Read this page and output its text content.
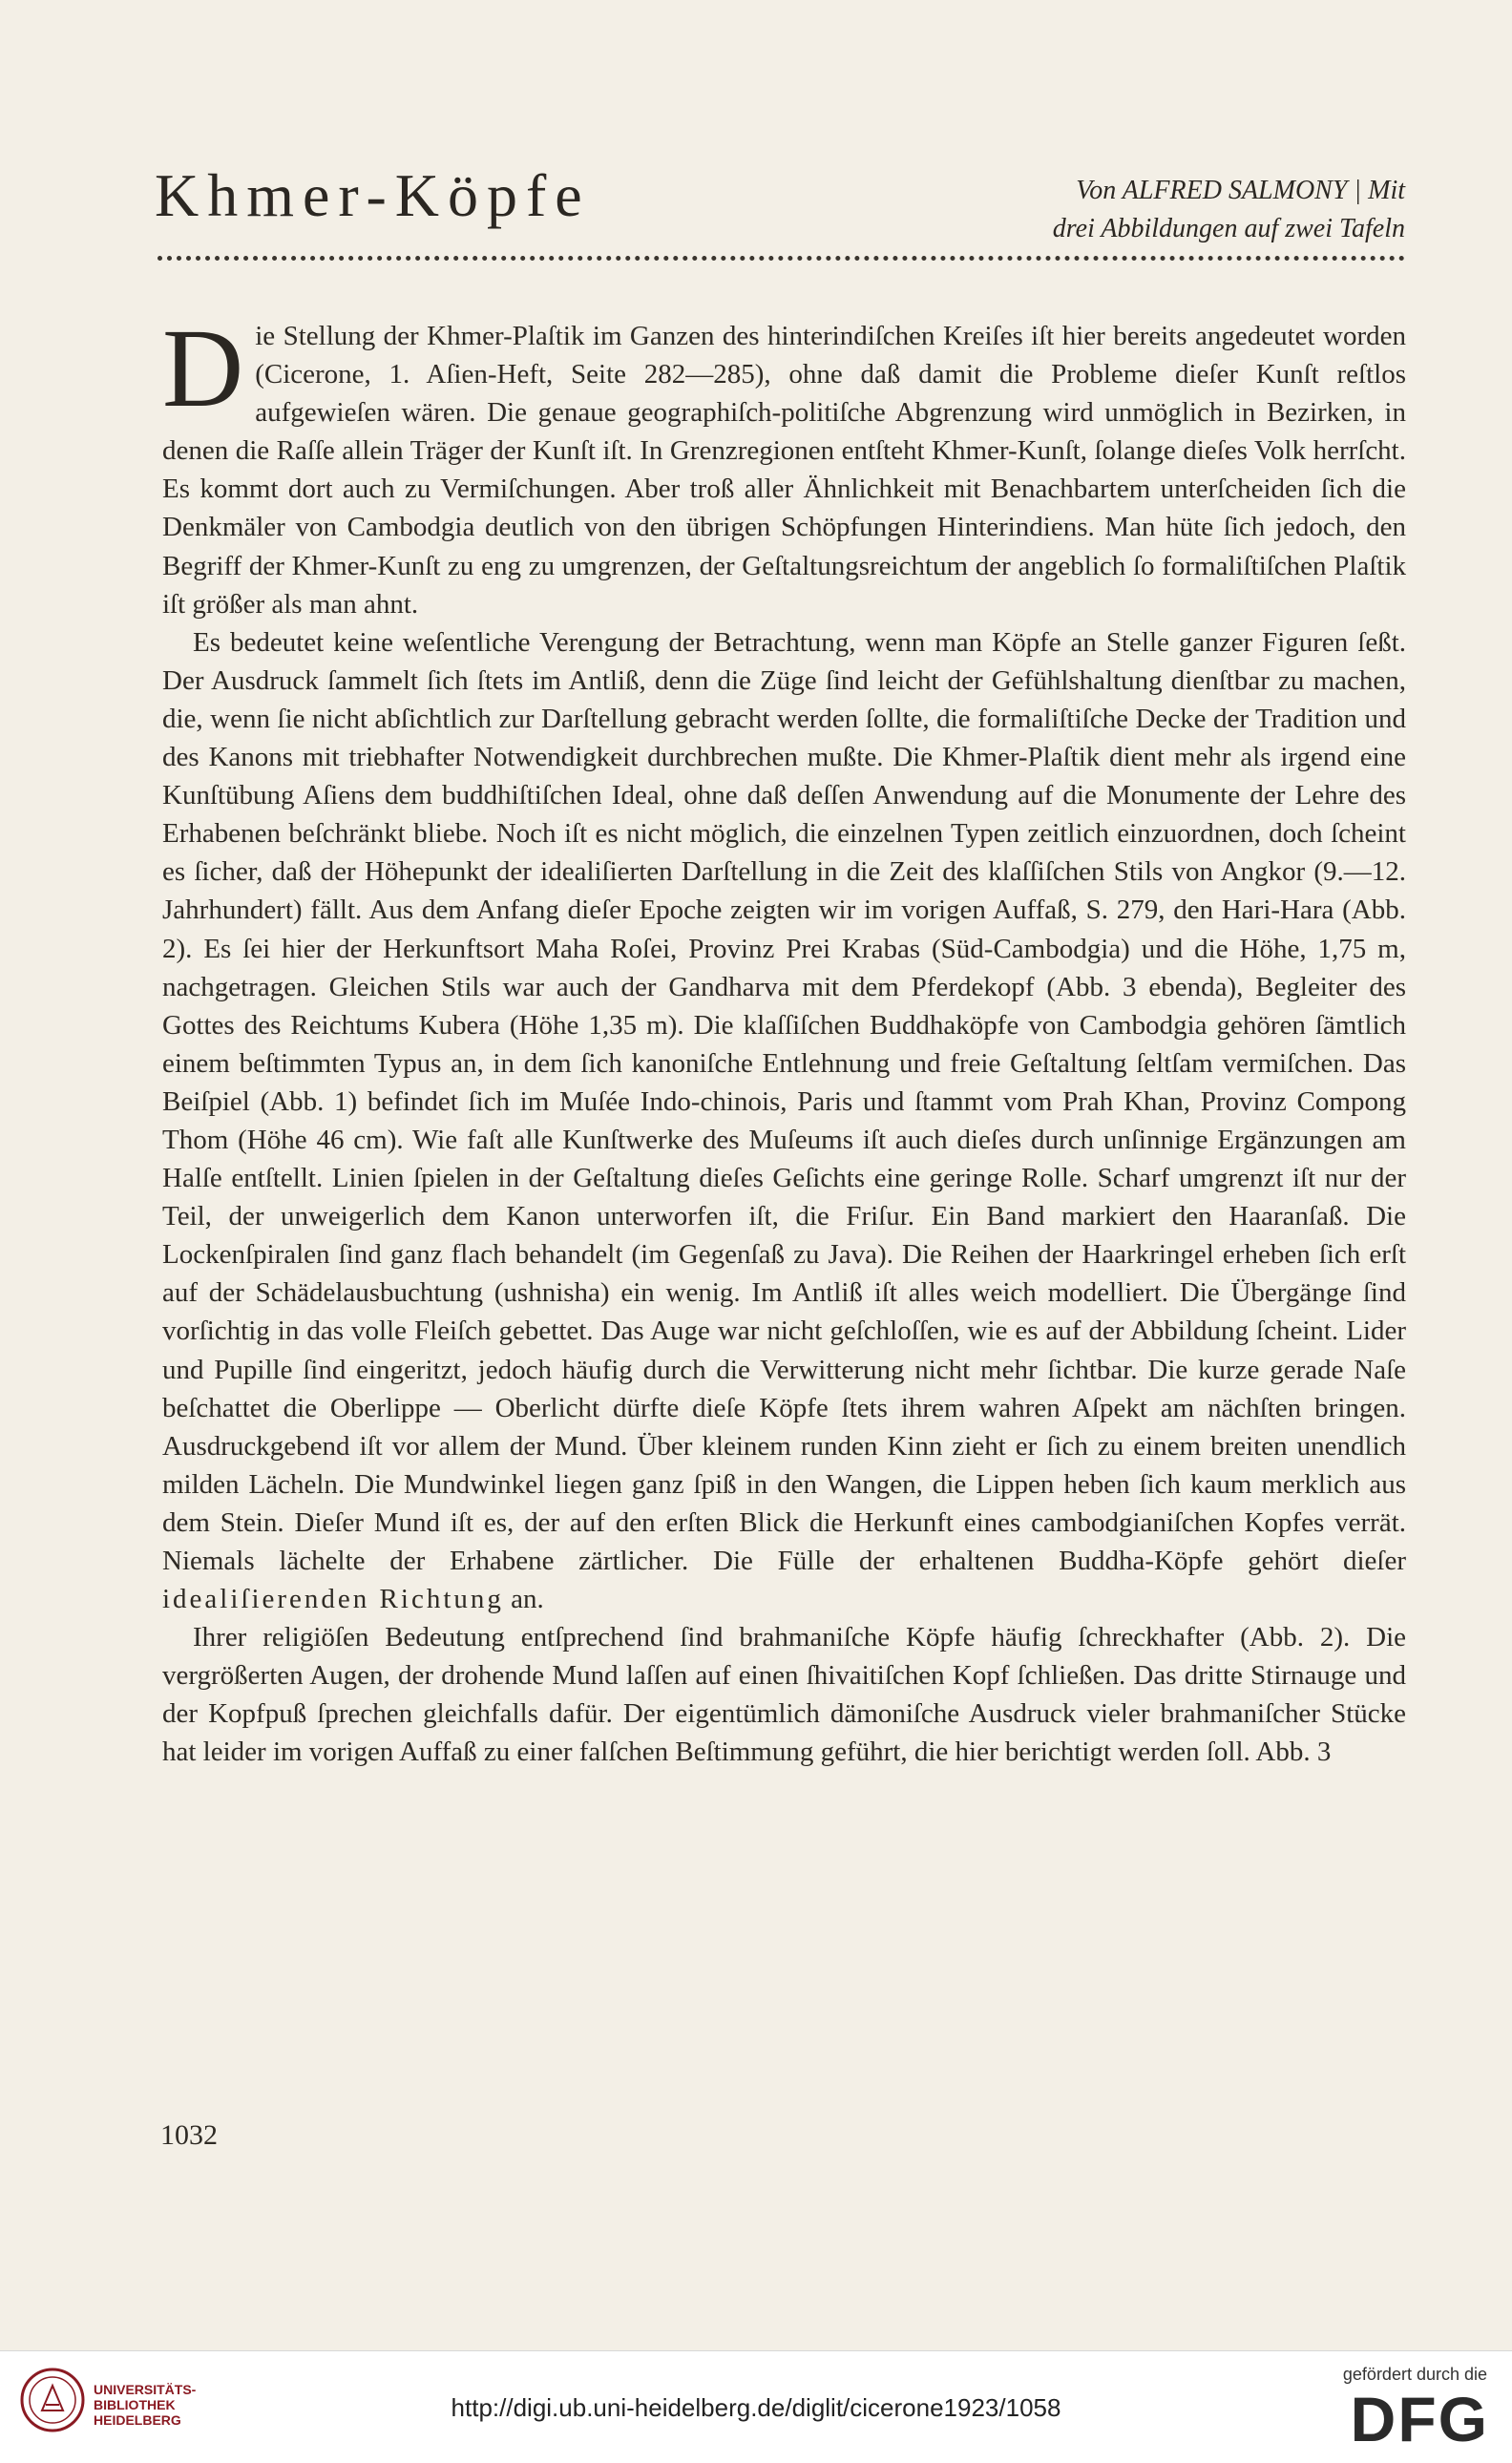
Khmer-Köpfe	Von ALFRED SALMONY | Mit
drei Abbildungen auf zwei Tafeln

Die Stellung der Khmer-Plaſtik im Ganzen des hinterindiſchen Kreiſes iſt hier bereits angedeutet worden (Cicerone, 1. Aſien-Heft, Seite 282—285), ohne daß damit die Probleme dieſer Kunſt reſtlos aufgewieſen wären. Die genaue geographiſch-politiſche Abgrenzung wird unmöglich in Bezirken, in denen die Raſſe allein Träger der Kunſt iſt. In Grenzregionen entſteht Khmer-Kunſt, ſolange dieſes Volk herrſcht. Es kommt dort auch zu Vermiſchungen. Aber troß aller Ähnlichkeit mit Benachbartem unterſcheiden ſich die Denkmäler von Cambodgia deutlich von den übrigen Schöpfungen Hinterindiens. Man hüte ſich jedoch, den Begriff der Khmer-Kunſt zu eng zu umgrenzen, der Geſtaltungsreichtum der angeblich ſo formaliſtiſchen Plaſtik iſt größer als man ahnt.

Es bedeutet keine weſentliche Verengung der Betrachtung, wenn man Köpfe an Stelle ganzer Figuren ſeßt. Der Ausdruck ſammelt ſich ſtets im Antliß, denn die Züge ſind leicht der Gefühlshaltung dienſtbar zu machen, die, wenn ſie nicht abſichtlich zur Darſtellung gebracht werden ſollte, die formaliſtiſche Decke der Tradition und des Kanons mit triebhafter Notwendigkeit durchbrechen mußte. Die Khmer-Plaſtik dient mehr als irgend eine Kunſtübung Aſiens dem buddhiſtiſchen Ideal, ohne daß deſſen Anwendung auf die Monumente der Lehre des Erhabenen beſchränkt bliebe. Noch iſt es nicht möglich, die einzelnen Typen zeitlich einzuordnen, doch ſcheint es ſicher, daß der Höhepunkt der idealiſierten Darſtellung in die Zeit des klaſſiſchen Stils von Angkor (9.—12. Jahrhundert) fällt. Aus dem Anfang dieſer Epoche zeigten wir im vorigen Auffaß, S. 279, den Hari-Hara (Abb. 2). Es ſei hier der Herkunftsort Maha Roſei, Provinz Prei Krabas (Süd-Cambodgia) und die Höhe, 1,75 m, nachgetragen. Gleichen Stils war auch der Gandharva mit dem Pferdekopf (Abb. 3 ebenda), Begleiter des Gottes des Reichtums Kubera (Höhe 1,35 m). Die klaſſiſchen Buddhaköpfe von Cambodgia gehören ſämtlich einem beſtimmten Typus an, in dem ſich kanoniſche Entlehnung und freie Geſtaltung ſeltſam vermiſchen. Das Beiſpiel (Abb. 1) befindet ſich im Muſée Indo-chinois, Paris und ſtammt vom Prah Khan, Provinz Compong Thom (Höhe 46 cm). Wie faſt alle Kunſtwerke des Muſeums iſt auch dieſes durch unſinnige Ergänzungen am Halſe entſtellt. Linien ſpielen in der Geſtaltung dieſes Geſichts eine geringe Rolle. Scharf umgrenzt iſt nur der Teil, der unweigerlich dem Kanon unterworfen iſt, die Friſur. Ein Band markiert den Haaranſaß. Die Lockenſpiralen ſind ganz flach behandelt (im Gegenſaß zu Java). Die Reihen der Haarkringel erheben ſich erſt auf der Schädelausbuchtung (ushnisha) ein wenig. Im Antliß iſt alles weich modelliert. Die Übergänge ſind vorſichtig in das volle Fleiſch gebettet. Das Auge war nicht geſchloſſen, wie es auf der Abbildung ſcheint. Lider und Pupille ſind eingeritzt, jedoch häufig durch die Verwitterung nicht mehr ſichtbar. Die kurze gerade Naſe beſchattet die Oberlippe — Oberlicht dürfte dieſe Köpfe ſtets ihrem wahren Aſpekt am nächſten bringen. Ausdruckgebend iſt vor allem der Mund. Über kleinem runden Kinn zieht er ſich zu einem breiten unendlich milden Lächeln. Die Mundwinkel liegen ganz ſpiß in den Wangen, die Lippen heben ſich kaum merklich aus dem Stein. Dieſer Mund iſt es, der auf den erſten Blick die Herkunft eines cambodgianiſchen Kopfes verrät. Niemals lächelte der Erhabene zärtlicher. Die Fülle der erhaltenen Buddha-Köpfe gehört dieſer idealiſierenden Richtung an.

Ihrer religiöſen Bedeutung entſprechend ſind brahmaniſche Köpfe häufig ſchreckhafter (Abb. 2). Die vergrößerten Augen, der drohende Mund laſſen auf einen ſhivaitiſchen Kopf ſchließen. Das dritte Stirnauge und der Kopfpuß ſprechen gleichfalls dafür. Der eigentümlich dämoniſche Ausdruck vieler brahmaniſcher Stücke hat leider im vorigen Auffaß zu einer falſchen Beſtimmung geführt, die hier berichtigt werden ſoll. Abb. 3

1032
UNIVERSITÄTS-
BIBLIOTHEK
HEIDELBERG	http://digi.ub.uni-heidelberg.de/diglit/cicerone1923/1058
gefördert durch die
DFG
